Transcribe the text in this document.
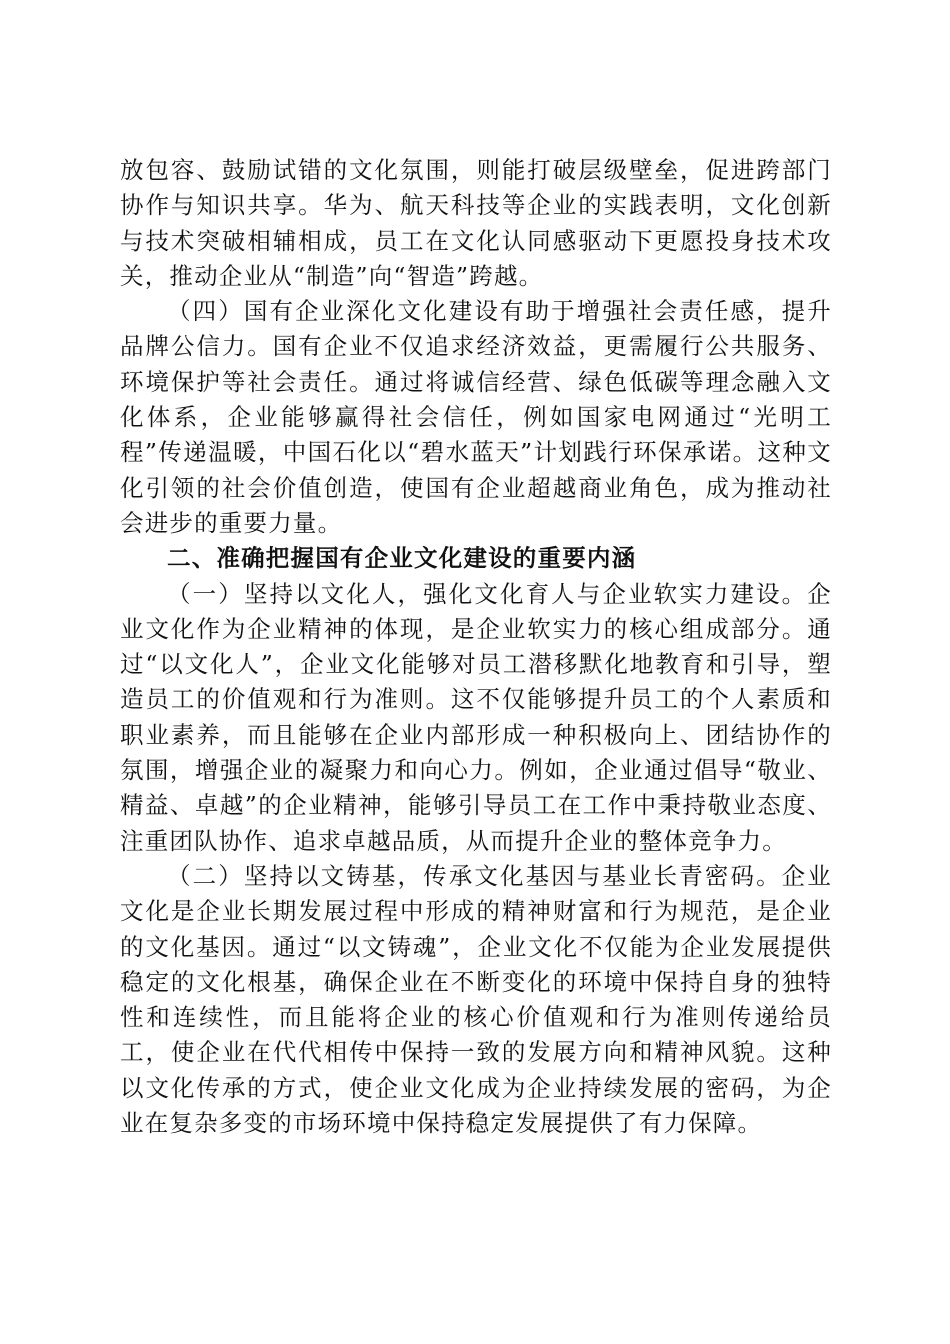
放包容、鼓励试错的文化氛围，则能打破层级壁垒，促进跨部门协作与知识共享。华为、航天科技等企业的实践表明，文化创新与技术突破相辅相成，员工在文化认同感驱动下更愿投身技术攻关，推动企业从“制造”向“智造”跨越。

（四）国有企业深化文化建设有助于增强社会责任感，提升品牌公信力。国有企业不仅追求经济效益，更需履行公共服务、环境保护等社会责任。通过将诚信经营、绿色低碳等理念融入文化体系，企业能够赢得社会信任，例如国家电网通过“光明工程”传递温暖，中国石化以“碧水蓝天”计划践行环保承诺。这种文化引领的社会价值创造，使国有企业超越商业角色，成为推动社会进步的重要力量。

二、准确把握国有企业文化建设的重要内涵

（一）坚持以文化人，强化文化育人与企业软实力建设。企业文化作为企业精神的体现，是企业软实力的核心组成部分。通过“以文化人”，企业文化能够对员工潜移默化地教育和引导，塑造员工的价值观和行为准则。这不仅能够提升员工的个人素质和职业素养，而且能够在企业内部形成一种积极向上、团结协作的氛围，增强企业的凝聚力和向心力。例如，企业通过倡导“敬业、精益、卓越”的企业精神，能够引导员工在工作中秉持敬业态度、注重团队协作、追求卓越品质，从而提升企业的整体竞争力。

（二）坚持以文铸基，传承文化基因与基业长青密码。企业文化是企业长期发展过程中形成的精神财富和行为规范，是企业的文化基因。通过“以文铸魂”，企业文化不仅能为企业发展提供稳定的文化根基，确保企业在不断变化的环境中保持自身的独特性和连续性，而且能将企业的核心价值观和行为准则传递给员工，使企业在代代相传中保持一致的发展方向和精神风貌。这种以文化传承的方式，使企业文化成为企业持续发展的密码，为企业在复杂多变的市场环境中保持稳定发展提供了有力保障。
